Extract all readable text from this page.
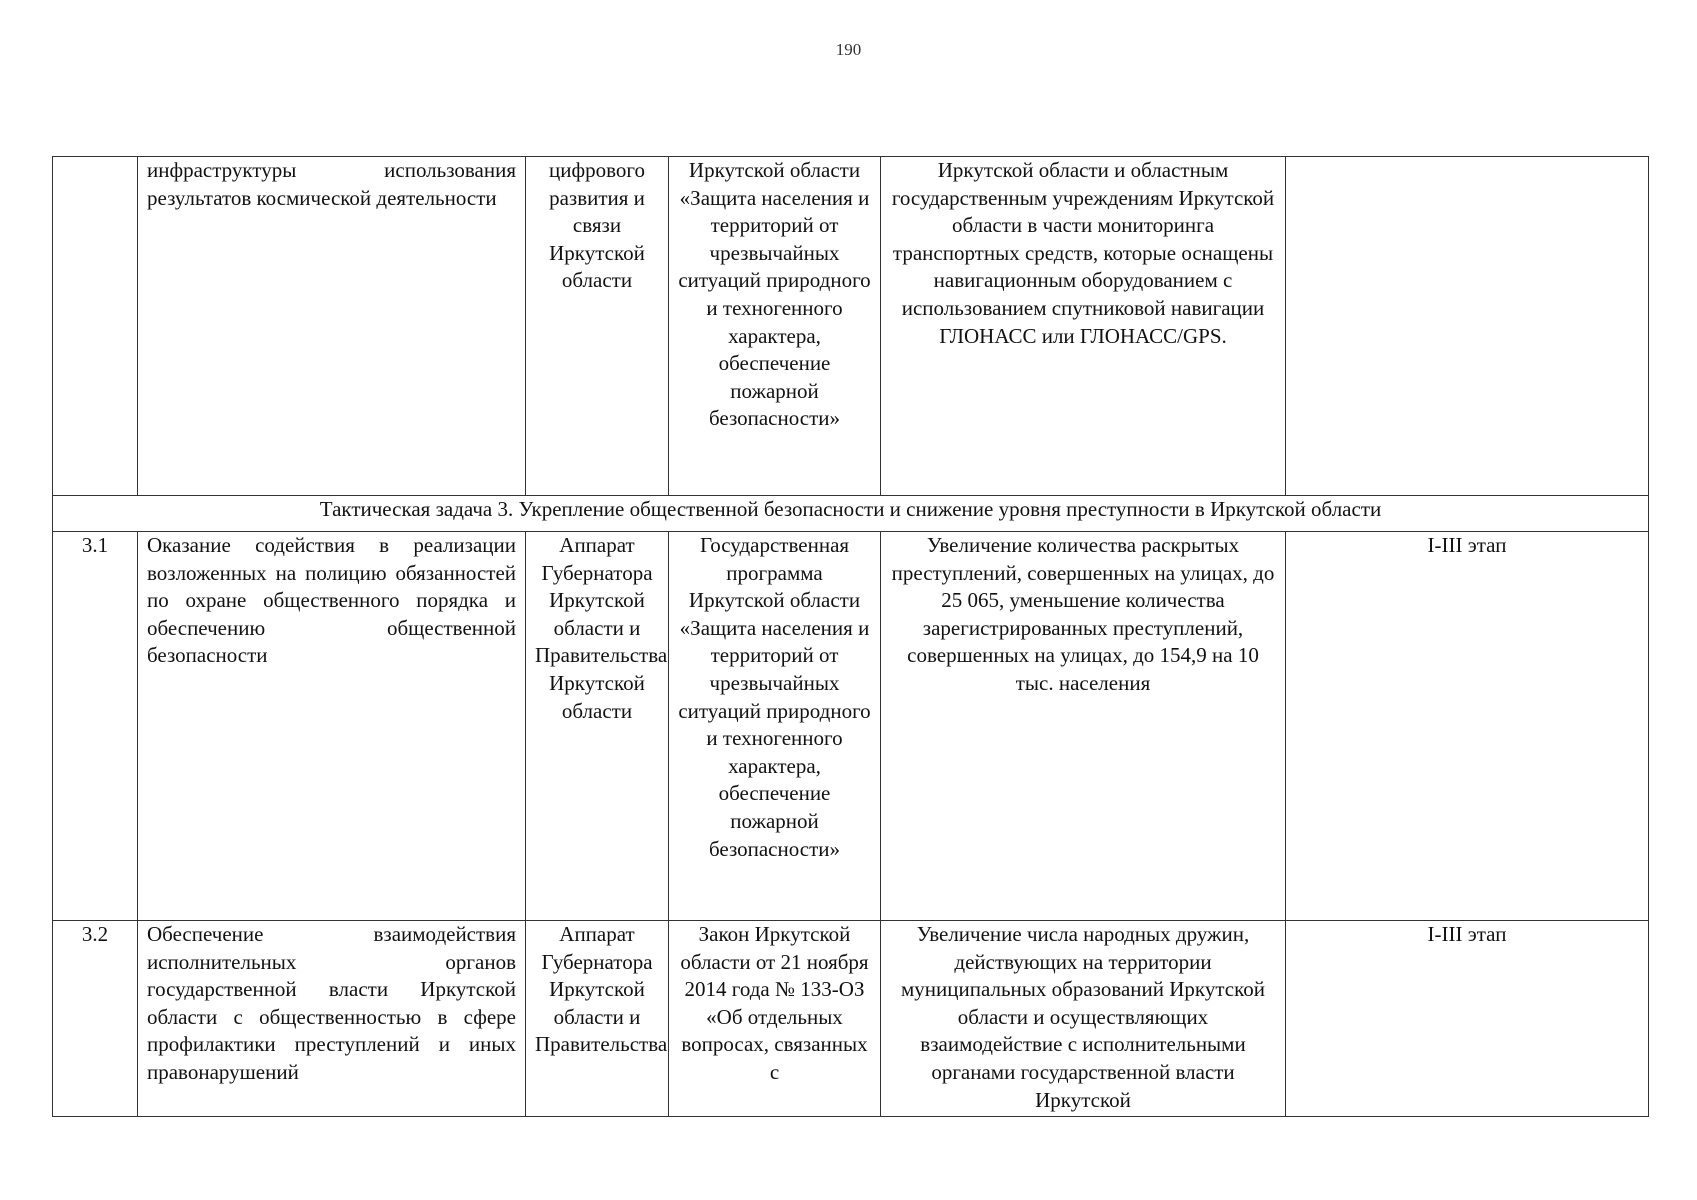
190
	инфраструктуры использования результатов космической деятельности	цифрового развития и связи Иркутской области	Иркутской области «Защита населения и территорий от чрезвычайных ситуаций природного и техногенного характера, обеспечение пожарной безопасности»	Иркутской области и областным государственным учреждениям Иркутской области в части мониторинга транспортных средств, которые оснащены навигационным оборудованием с использованием спутниковой навигации ГЛОНАСС или ГЛОНАСС/GPS.	
Тактическая задача 3. Укрепление общественной безопасности и снижение уровня преступности в Иркутской области					
3.1	Оказание содействия в реализации возложенных на полицию обязанностей по охране общественного порядка и обеспечению общественной безопасности	Аппарат Губернатора Иркутской области и Правительства Иркутской области	Государственная программа Иркутской области «Защита населения и территорий от чрезвычайных ситуаций природного и техногенного характера, обеспечение пожарной безопасности»	Увеличение количества раскрытых преступлений, совершенных на улицах, до 25 065, уменьшение количества зарегистрированных преступлений, совершенных на улицах, до 154,9 на 10 тыс. населения	I-III этап
3.2	Обеспечение взаимодействия исполнительных органов государственной власти Иркутской области с общественностью в сфере профилактики преступлений и иных правонарушений	Аппарат Губернатора Иркутской области и Правительства	Закон Иркутской области от 21 ноября 2014 года № 133-ОЗ «Об отдельных вопросах, связанных с	Увеличение числа народных дружин, действующих на территории муниципальных образований Иркутской области и осуществляющих взаимодействие с исполнительными органами государственной власти Иркутской	I-III этап
